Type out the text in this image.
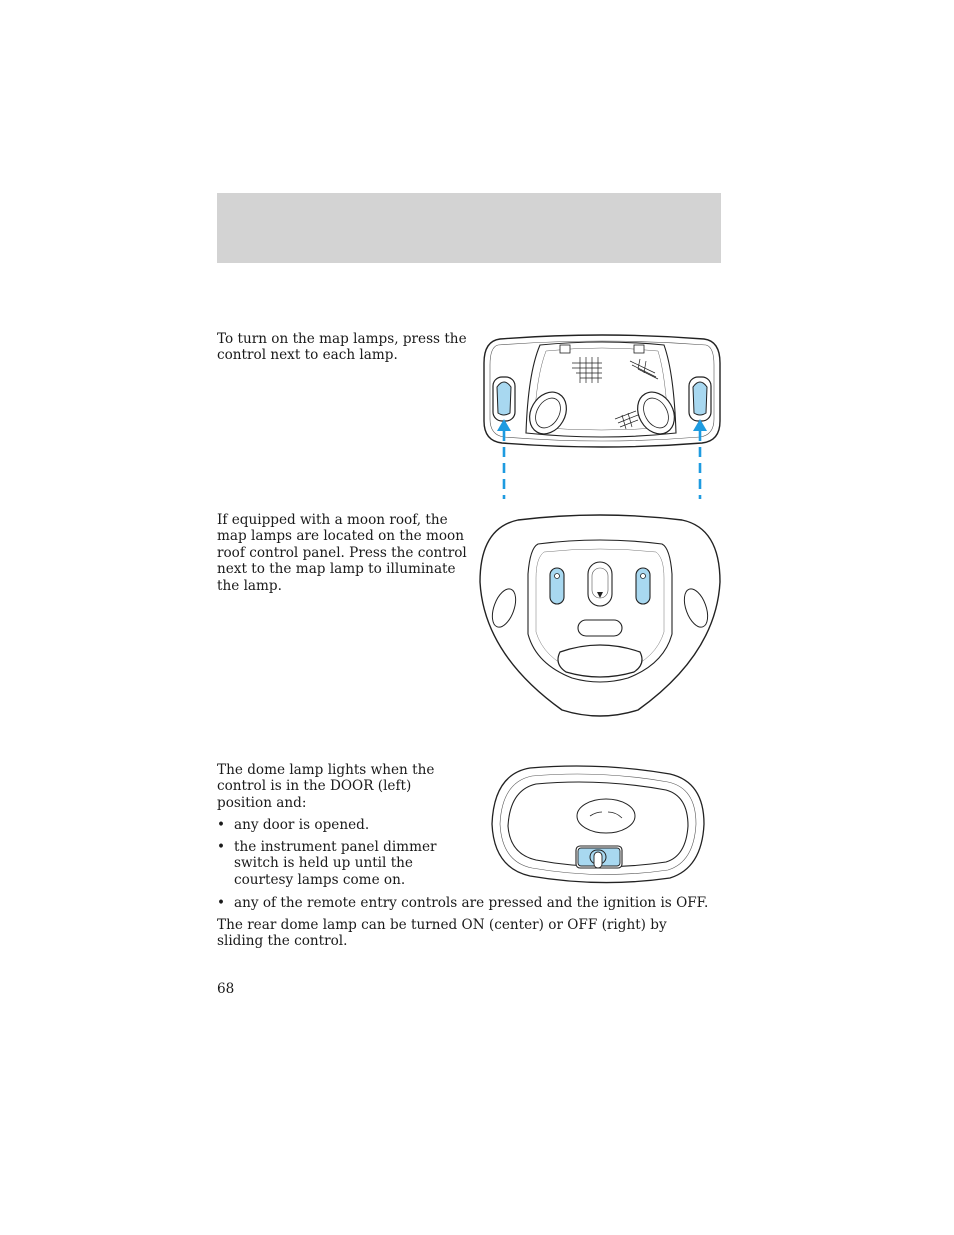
To turn on the map lamps, press the control next to each lamp.

If equipped with a moon roof, the map lamps are located on the moon roof control panel. Press the control next to the map lamp to illuminate the lamp.

The dome lamp lights when the control is in the DOOR (left) position and:

• any door is opened.
• the instrument panel dimmer switch is held up until the courtesy lamps come on.
• any of the remote entry controls are pressed and the ignition is OFF.

The rear dome lamp can be turned ON (center) or OFF (right) by sliding the control.

68
